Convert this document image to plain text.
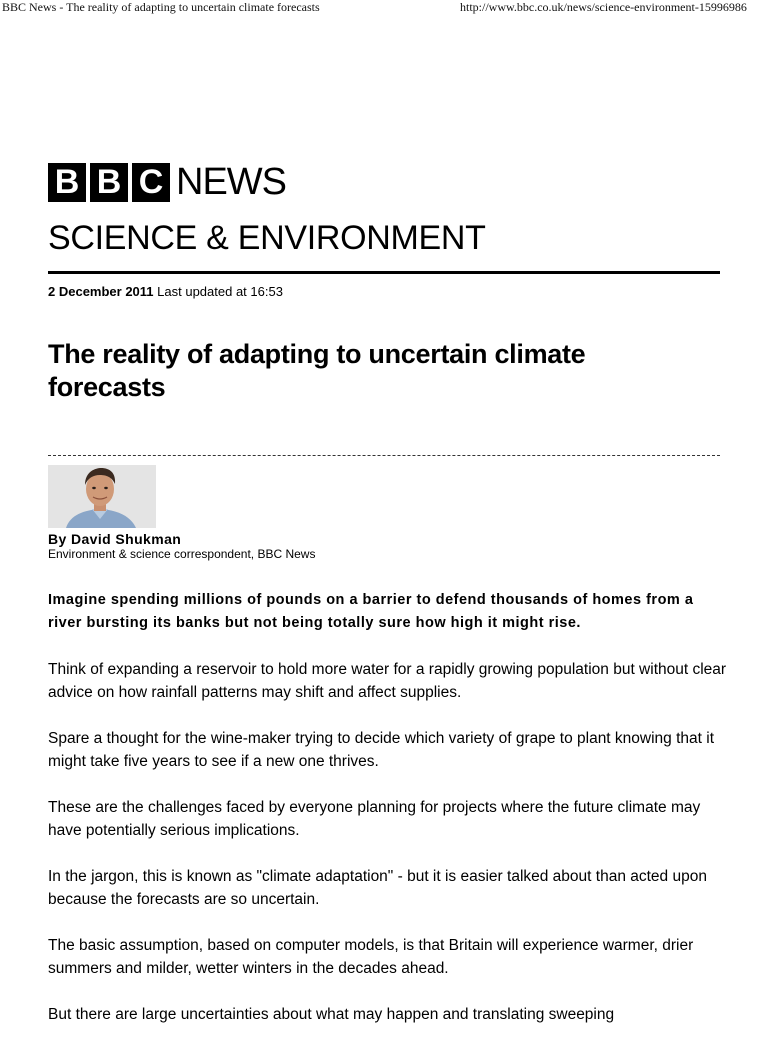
BBC News - The reality of adapting to uncertain climate forecasts	http://www.bbc.co.uk/news/science-environment-15996986
B B C NEWS
SCIENCE & ENVIRONMENT
2 December 2011 Last updated at 16:53
The reality of adapting to uncertain climate forecasts
By David Shukman
Environment & science correspondent, BBC News

Imagine spending millions of pounds on a barrier to defend thousands of homes from a river bursting its banks but not being totally sure how high it might rise.

Think of expanding a reservoir to hold more water for a rapidly growing population but without clear advice on how rainfall patterns may shift and affect supplies.

Spare a thought for the wine-maker trying to decide which variety of grape to plant knowing that it might take five years to see if a new one thrives.

These are the challenges faced by everyone planning for projects where the future climate may have potentially serious implications.

In the jargon, this is known as "climate adaptation" - but it is easier talked about than acted upon because the forecasts are so uncertain.

The basic assumption, based on computer models, is that Britain will experience warmer, drier summers and milder, wetter winters in the decades ahead.

But there are large uncertainties about what may happen and translating sweeping
